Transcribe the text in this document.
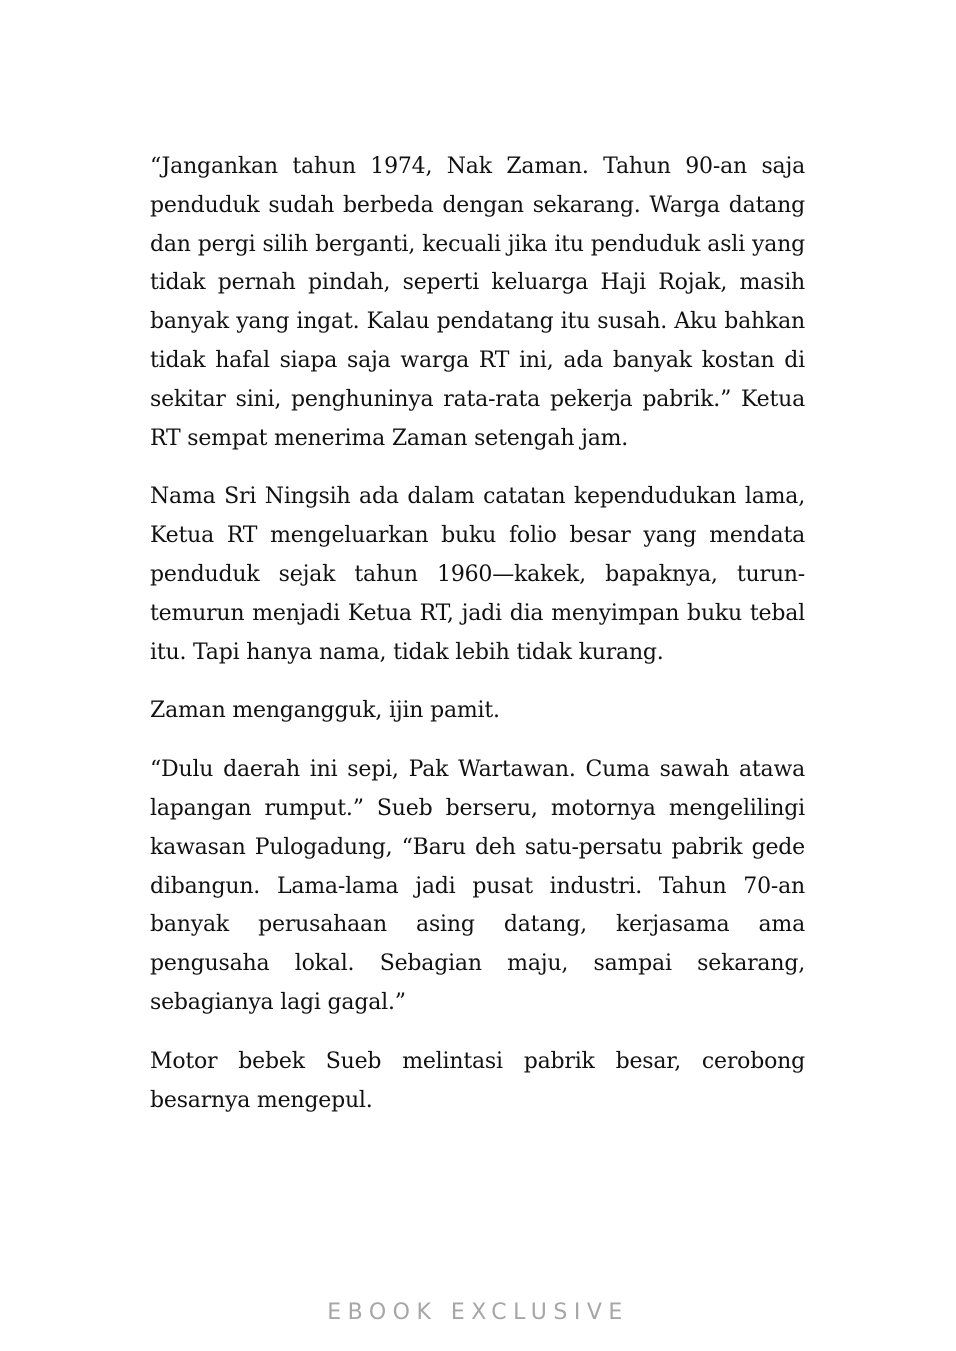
“Jangankan tahun 1974, Nak Zaman. Tahun 90-an saja penduduk sudah berbeda dengan sekarang. Warga datang dan pergi silih berganti, kecuali jika itu penduduk asli yang tidak pernah pindah, seperti keluarga Haji Rojak, masih banyak yang ingat. Kalau pendatang itu susah. Aku bahkan tidak hafal siapa saja warga RT ini, ada banyak kostan di sekitar sini, penghuninya rata-rata pekerja pabrik.” Ketua RT sempat menerima Zaman setengah jam.

Nama Sri Ningsih ada dalam catatan kependudukan lama, Ketua RT mengeluarkan buku folio besar yang mendata penduduk sejak tahun 1960—kakek, bapaknya, turun-temurun menjadi Ketua RT, jadi dia menyimpan buku tebal itu. Tapi hanya nama, tidak lebih tidak kurang.

Zaman mengangguk, ijin pamit.

“Dulu daerah ini sepi, Pak Wartawan. Cuma sawah atawa lapangan rumput.” Sueb berseru, motornya mengelilingi kawasan Pulogadung, “Baru deh satu-persatu pabrik gede dibangun. Lama-lama jadi pusat industri. Tahun 70-an banyak perusahaan asing datang, kerjasama ama pengusaha lokal. Sebagian maju, sampai sekarang, sebagianya lagi gagal.”

Motor bebek Sueb melintasi pabrik besar, cerobong besarnya mengepul.

EBOOK EXCLUSIVE
